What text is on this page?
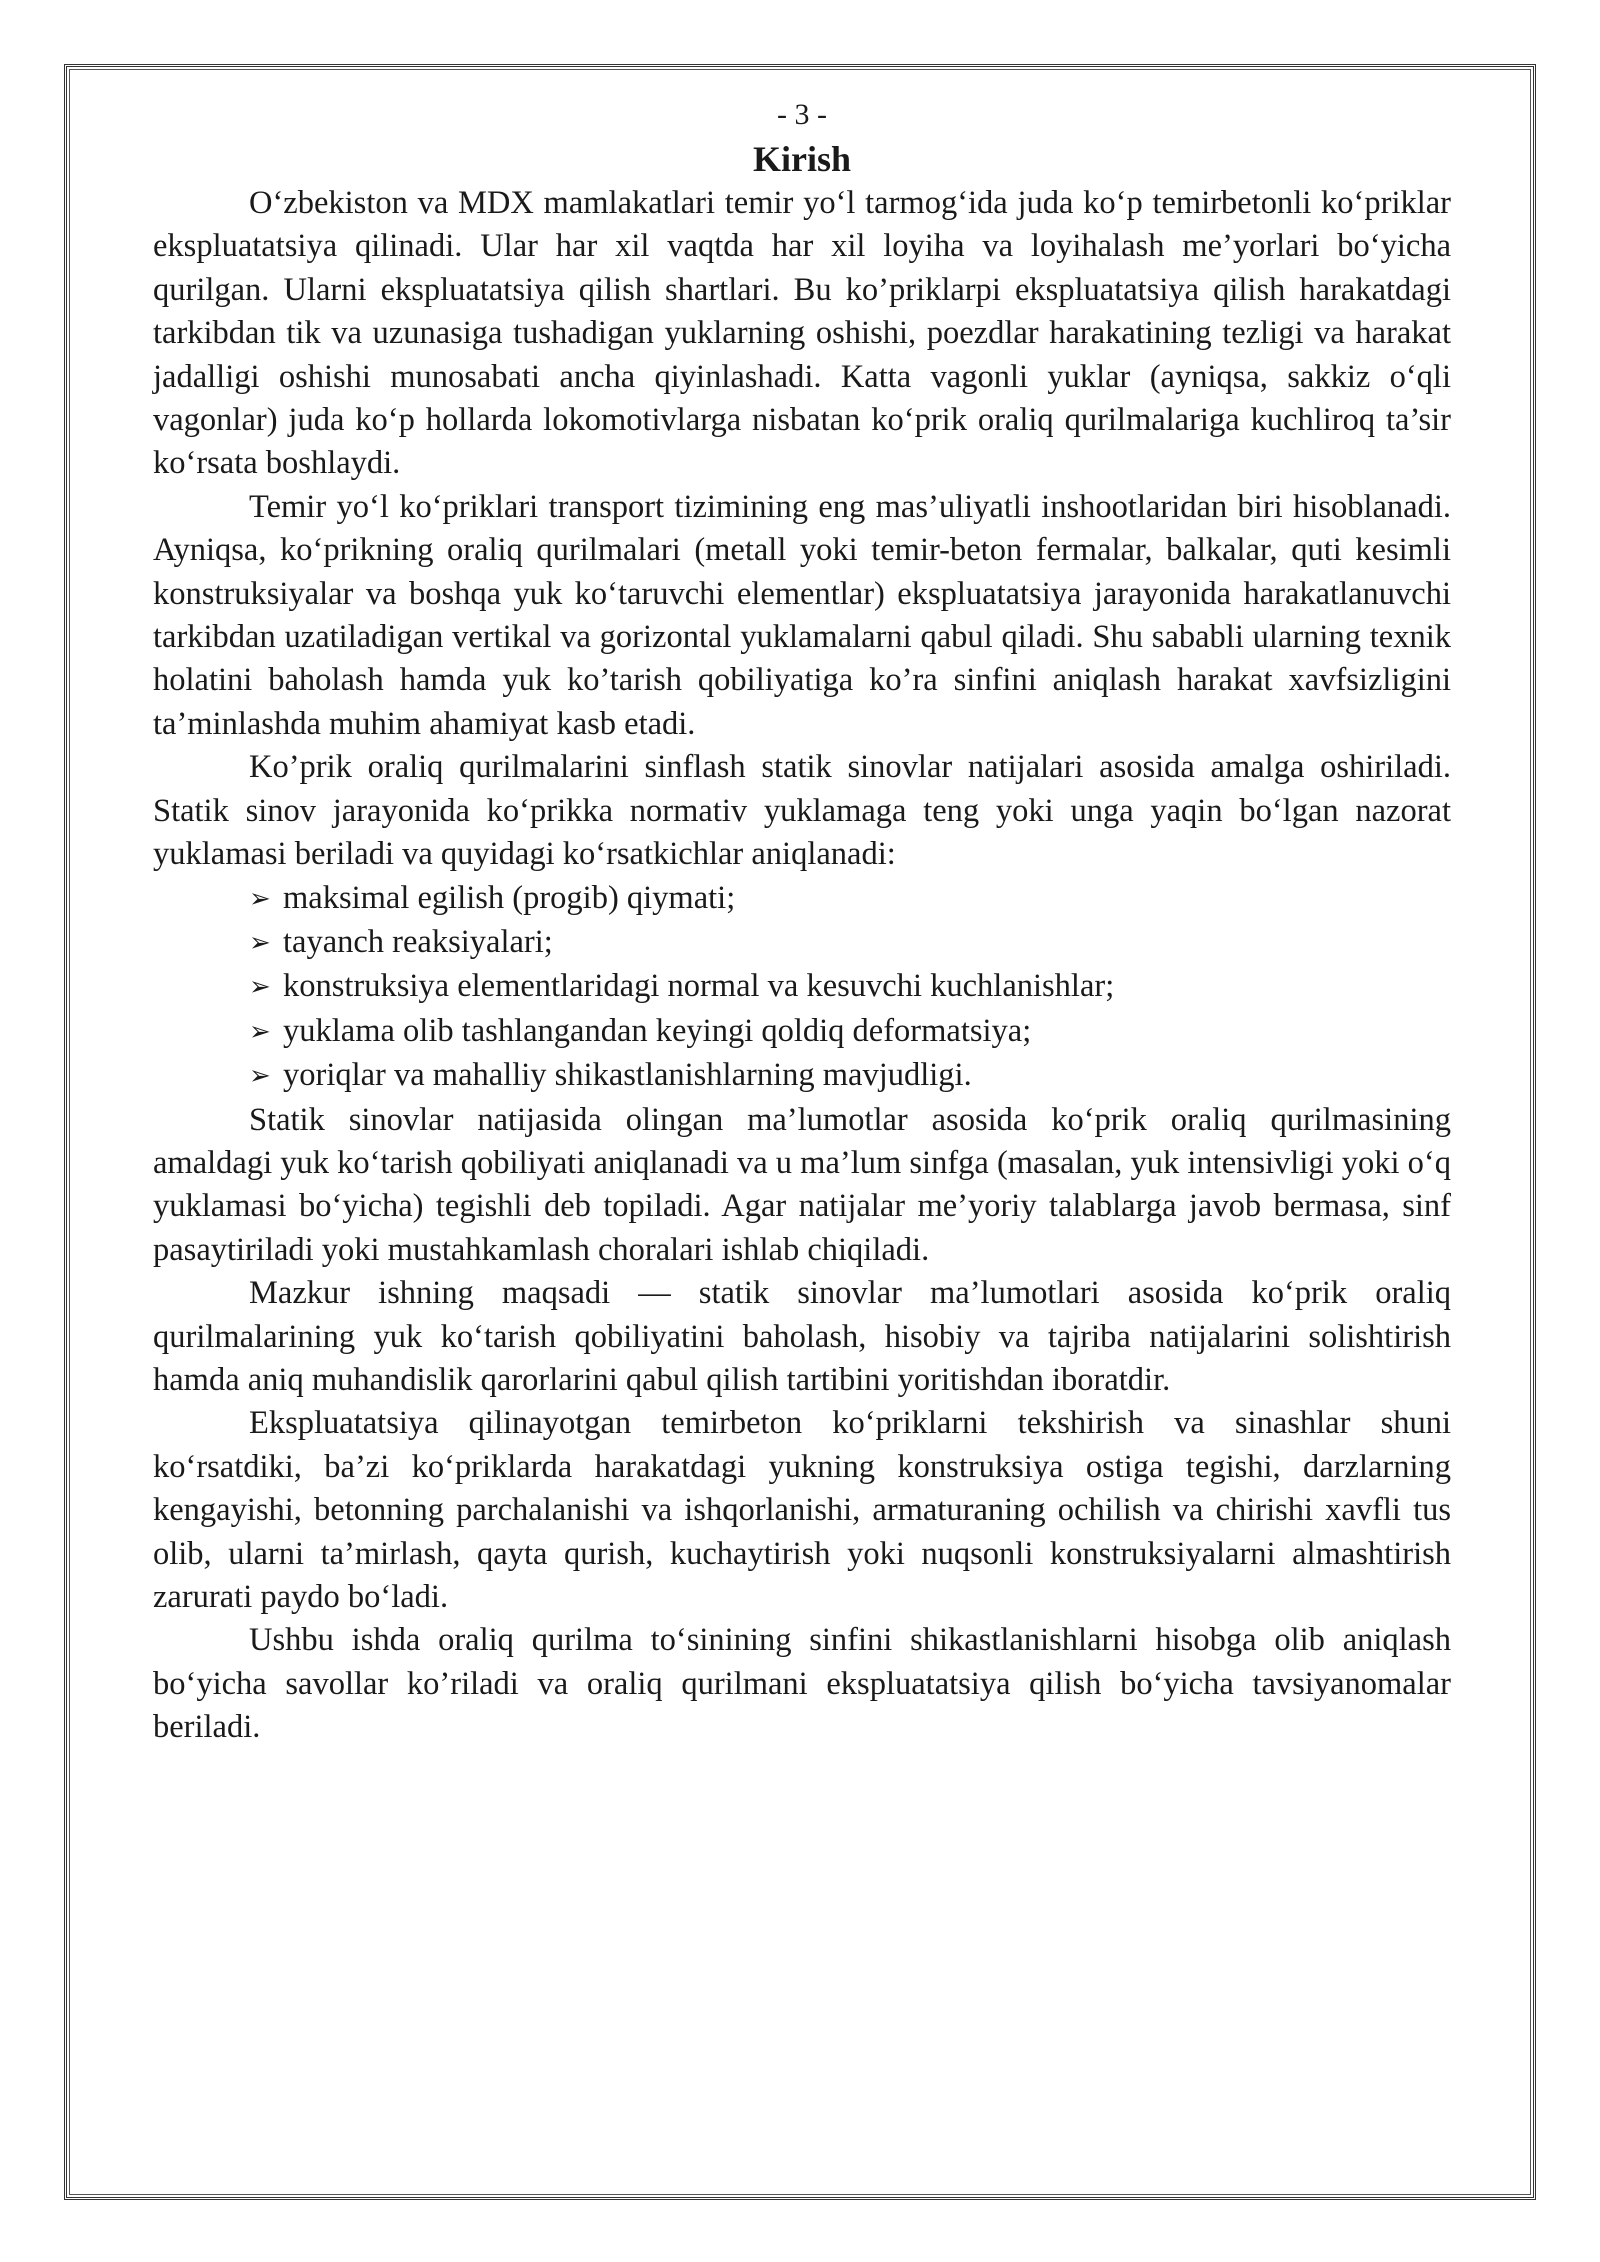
- 3 -

Kirish

O‘zbekiston va MDX mamlakatlari temir yo‘l tarmog‘ida juda ko‘p temirbetonli ko‘priklar ekspluatatsiya qilinadi. Ular har xil vaqtda har xil loyiha va loyihalash me’yorlari bo‘yicha qurilgan. Ularni ekspluatatsiya qilish shartlari. Bu ko’priklarpi ekspluatatsiya qilish harakatdagi tarkibdan tik va uzunasiga tushadigan yuklarning oshishi, poezdlar harakatining tezligi va harakat jadalligi oshishi munosabati ancha qiyinlashadi. Katta vagonli yuklar (ayniqsa, sakkiz o‘qli vagonlar) juda ko‘p hollarda lokomotivlarga nisbatan ko‘prik oraliq qurilmalariga kuchliroq ta’sir ko‘rsata boshlaydi.

Temir yo‘l ko‘priklari transport tizimining eng mas’uliyatli inshootlaridan biri hisoblanadi. Ayniqsa, ko‘prikning oraliq qurilmalari (metall yoki temir-beton fermalar, balkalar, quti kesimli konstruksiyalar va boshqa yuk ko‘taruvchi elementlar) ekspluatatsiya jarayonida harakatlanuvchi tarkibdan uzatiladigan vertikal va gorizontal yuklamalarni qabul qiladi. Shu sababli ularning texnik holatini baholash hamda yuk ko’tarish qobiliyatiga ko’ra sinfini aniqlash harakat xavfsizligini ta’minlashda muhim ahamiyat kasb etadi.

Ko’prik oraliq qurilmalarini sinflash statik sinovlar natijalari asosida amalga oshiriladi. Statik sinov jarayonida ko‘prikka normativ yuklamaga teng yoki unga yaqin bo‘lgan nazorat yuklamasi beriladi va quyidagi ko‘rsatkichlar aniqlanadi:

➢ maksimal egilish (progib) qiymati;
➢ tayanch reaksiyalari;
➢ konstruksiya elementlaridagi normal va kesuvchi kuchlanishlar;
➢ yuklama olib tashlangandan keyingi qoldiq deformatsiya;
➢ yoriqlar va mahalliy shikastlanishlarning mavjudligi.

Statik sinovlar natijasida olingan ma’lumotlar asosida ko‘prik oraliq qurilmasining amaldagi yuk ko‘tarish qobiliyati aniqlanadi va u ma’lum sinfga (masalan, yuk intensivligi yoki o‘q yuklamasi bo‘yicha) tegishli deb topiladi. Agar natijalar me’yoriy talablarga javob bermasa, sinf pasaytiriladi yoki mustahkamlash choralari ishlab chiqiladi.

Mazkur ishning maqsadi — statik sinovlar ma’lumotlari asosida ko‘prik oraliq qurilmalarining yuk ko‘tarish qobiliyatini baholash, hisobiy va tajriba natijalarini solishtirish hamda aniq muhandislik qarorlarini qabul qilish tartibini yoritishdan iboratdir.

Ekspluatatsiya qilinayotgan temirbeton ko‘priklarni tekshirish va sinashlar shuni ko‘rsatdiki, ba’zi ko‘priklarda harakatdagi yukning konstruksiya ostiga tegishi, darzlarning kengayishi, betonning parchalanishi va ishqorlanishi, armaturaning ochilish va chirishi xavfli tus olib, ularni ta’mirlash, qayta qurish, kuchaytirish yoki nuqsonli konstruksiyalarni almashtirish zarurati paydo bo‘ladi.

Ushbu ishda oraliq qurilma to‘sinining sinfini shikastlanishlarni hisobga olib aniqlash bo‘yicha savollar ko’riladi va oraliq qurilmani ekspluatatsiya qilish bo‘yicha tavsiyanomalar beriladi.
